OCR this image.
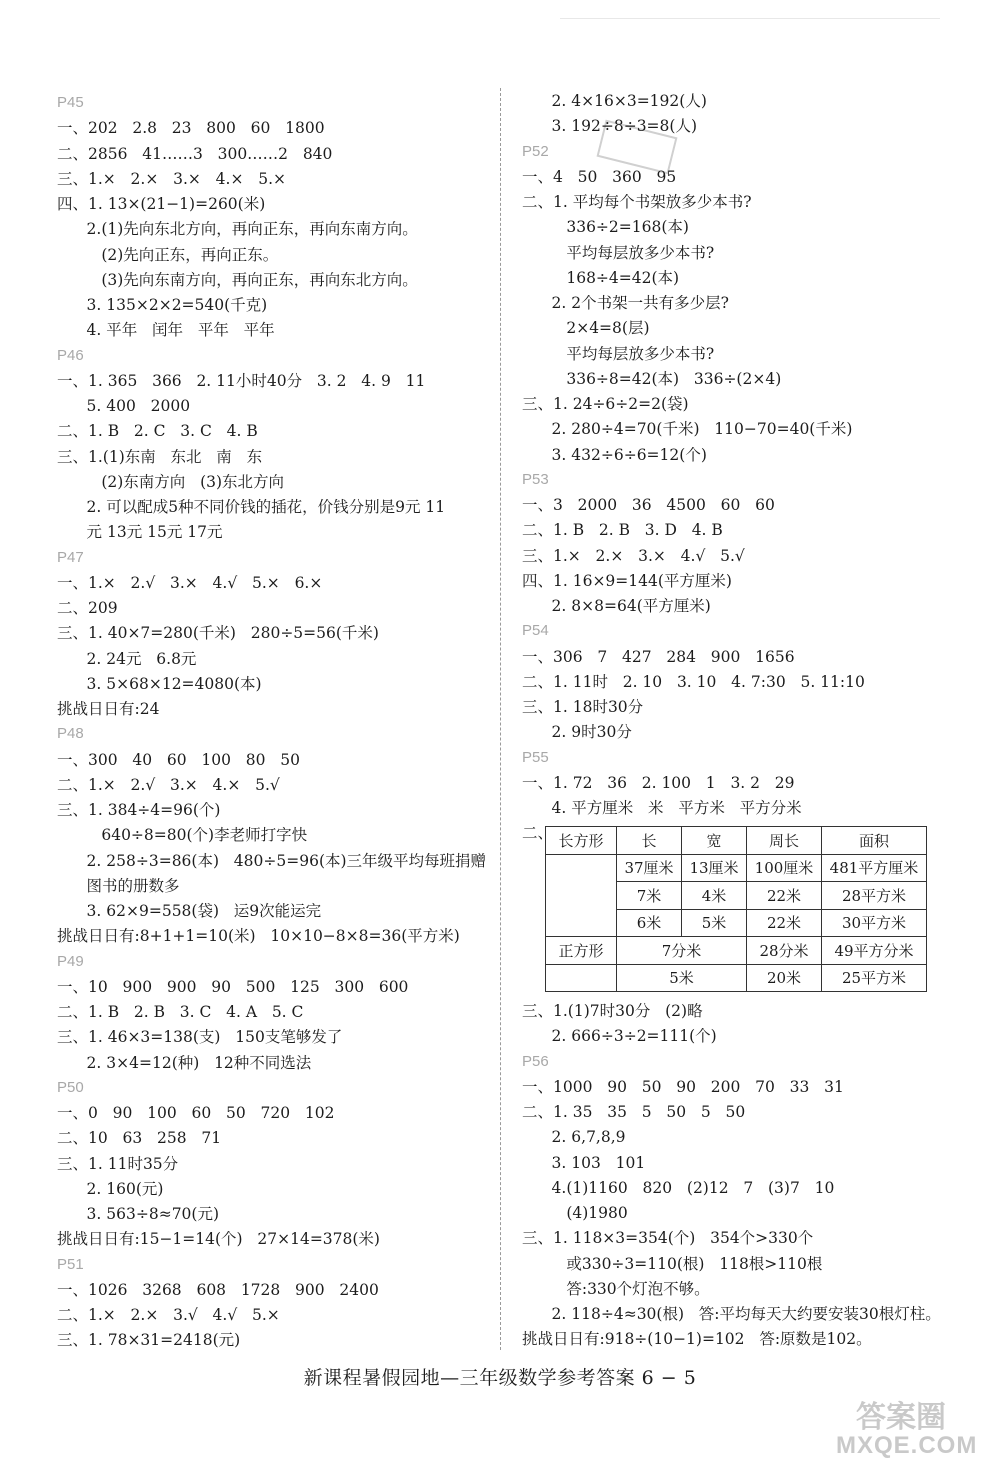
P45
一、202   2.8   23   800   60   1800
二、2856   41……3   300……2   840
三、1.×   2.×   3.×   4.×   5.×
四、1. 13×(21−1)=260(米)
2.(1)先向东北方向，再向正东，再向东南方向。
(2)先向正东，再向正东。
(3)先向东南方向，再向正东，再向东北方向。
3. 135×2×2=540(千克)
4. 平年   闰年   平年   平年
P46
一、1. 365   366   2. 11小时40分   3. 2   4. 9   11
5. 400   2000
二、1. B   2. C   3. C   4. B
三、1.(1)东南   东北   南   东
(2)东南方向   (3)东北方向
2. 可以配成5种不同价钱的插花，价钱分别是9元 11
元 13元 15元 17元
P47
一、1.×   2.√   3.×   4.√   5.×   6.×
二、209
三、1. 40×7=280(千米)   280÷5=56(千米)
2. 24元   6.8元
3. 5×68×12=4080(本)
挑战日日有:24
P48
一、300   40   60   100   80   50
二、1.×   2.√   3.×   4.×   5.√
三、1. 384÷4=96(个)
640÷8=80(个)李老师打字快
2. 258÷3=86(本)   480÷5=96(本)三年级平均每班捐赠
图书的册数多
3. 62×9=558(袋)   运9次能运完
挑战日日有:8+1+1=10(米)   10×10−8×8=36(平方米)
P49
一、10   900   900   90   500   125   300   600
二、1. B   2. B   3. C   4. A   5. C
三、1. 46×3=138(支)   150支笔够发了
2. 3×4=12(种)   12种不同选法
P50
一、0   90   100   60   50   720   102
二、10   63   258   71
三、1. 11时35分
2. 160(元)
3. 563÷8≈70(元)
挑战日日有:15−1=14(个)   27×14=378(米)
P51
一、1026   3268   608   1728   900   2400
二、1.×   2.×   3.√   4.√   5.×
三、1. 78×31=2418(元)
2. 4×16×3=192(人)
3. 192÷8÷3=8(人)
P52
一、4   50   360   95
二、1. 平均每个书架放多少本书?
336÷2=168(本)
平均每层放多少本书?
168÷4=42(本)
2. 2个书架一共有多少层?
2×4=8(层)
平均每层放多少本书?
336÷8=42(本)   336÷(2×4)
三、1. 24÷6÷2=2(袋)
2. 280÷4=70(千米)   110−70=40(千米)
3. 432÷6÷6=12(个)
P53
一、3   2000   36   4500   60   60
二、1. B   2. B   3. D   4. B
三、1.×   2.×   3.×   4.√   5.√
四、1. 16×9=144(平方厘米)
2. 8×8=64(平方厘米)
P54
一、306   7   427   284   900   1656
二、1. 11时   2. 10   3. 10   4. 7:30   5. 11:10
三、1. 18时30分
2. 9时30分
P55
一、1. 72   36   2. 100   1   3. 2   29
4. 平方厘米   米   平方米   平方分米
二、
三、1.(1)7时30分   (2)略
2. 666÷3÷2=111(个)
P56
一、1000   90   50   90   200   70   33   31
二、1. 35   35   5   50   5   50
2. 6,7,8,9
3. 103   101
4.(1)1160   820   (2)12   7   (3)7   10
(4)1980
三、1. 118×3=354(个)   354个>330个
或330÷3=110(根)   118根>110根
答:330个灯泡不够。
2. 118÷4≈30(根)   答:平均每天大约要安装30根灯柱。
挑战日日有:918÷(10−1)=102   答:原数是102。
长方形	长	宽	周长	面积
	37厘米	13厘米	100厘米	481平方厘米
	7米	4米	22米	28平方米
	6米	5米	22米	30平方米
正方形	7分米		28分米	49平方分米
	5米		20米	25平方米
新课程暑假园地—三年级数学参考答案 6 − 5
答案圈
MXQE.COM
